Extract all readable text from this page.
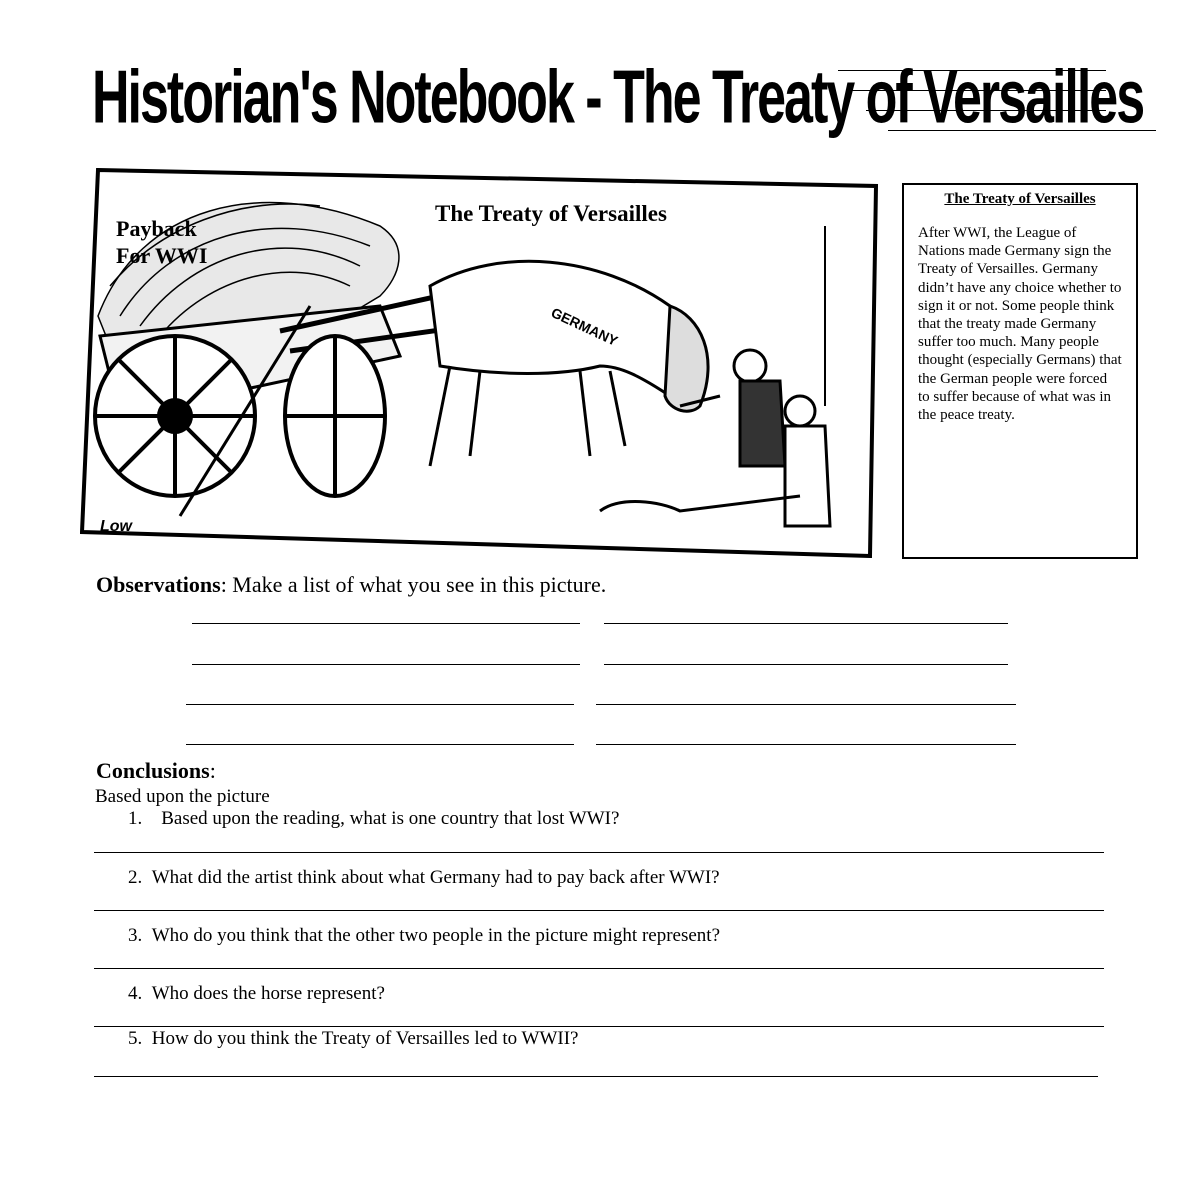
Historian's Notebook - The Treaty of Versailles
GERMANY
Payback
For WWI
The Treaty of Versailles
Low
The Treaty of Versailles
After WWI, the League of Nations made Germany sign the Treaty of Versailles. Germany didn’t have any choice whether to sign it or not. Some people think that the treaty made Germany suffer too much. Many people thought (especially Germans) that the German people were forced to suffer because of what was in the peace treaty.
Observations: Make a list of what you see in this picture.
Conclusions:
Based upon the picture
1. Based upon the reading, what is one country that lost WWI?
2. What did the artist think about what Germany had to pay back after WWI?
3. Who do you think that the other two people in the picture might represent?
4. Who does the horse represent?
5. How do you think the Treaty of Versailles led to WWII?
